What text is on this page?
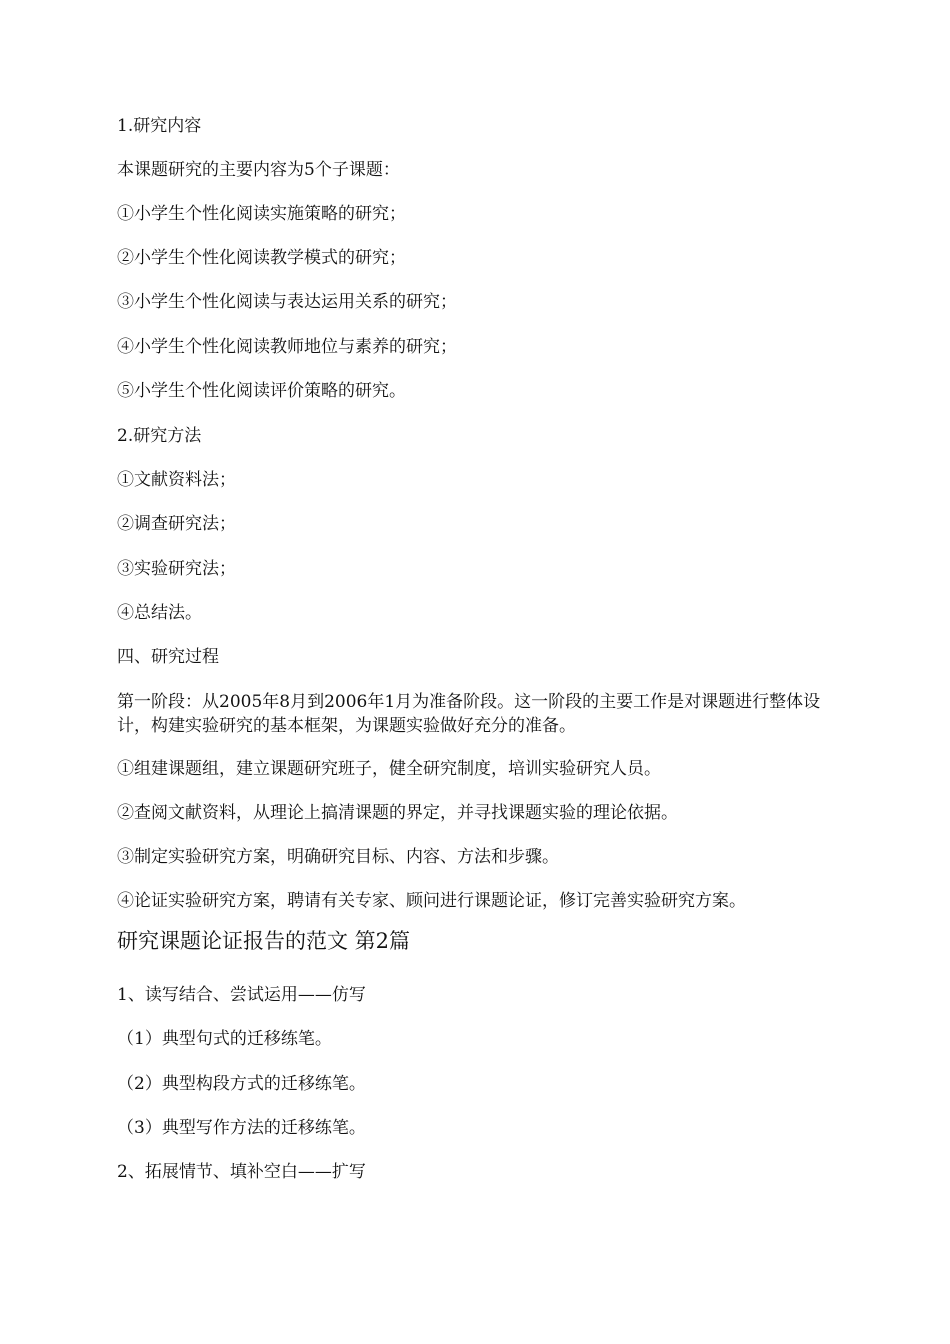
1.研究内容

本课题研究的主要内容为5个子课题：

①小学生个性化阅读实施策略的研究；

②小学生个性化阅读教学模式的研究；

③小学生个性化阅读与表达运用关系的研究；

④小学生个性化阅读教师地位与素养的研究；

⑤小学生个性化阅读评价策略的研究。

2.研究方法

①文献资料法；

②调查研究法；

③实验研究法；

④总结法。

四、研究过程

第一阶段：从2005年8月到2006年1月为准备阶段。这一阶段的主要工作是对课题进行整体设计，构建实验研究的基本框架，为课题实验做好充分的准备。

①组建课题组，建立课题研究班子，健全研究制度，培训实验研究人员。

②查阅文献资料，从理论上搞清课题的界定，并寻找课题实验的理论依据。

③制定实验研究方案，明确研究目标、内容、方法和步骤。

④论证实验研究方案，聘请有关专家、顾问进行课题论证，修订完善实验研究方案。

研究课题论证报告的范文 第2篇

1、读写结合、尝试运用——仿写

（1）典型句式的迁移练笔。

（2）典型构段方式的迁移练笔。

（3）典型写作方法的迁移练笔。

2、拓展情节、填补空白——扩写
